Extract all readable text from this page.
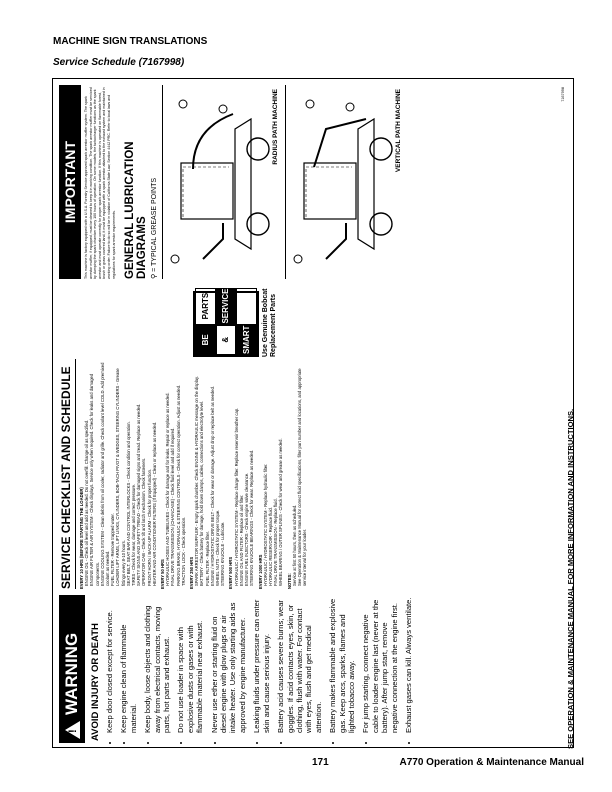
MACHINE SIGN TRANSLATIONS
Service Schedule (7167998)
!
WARNING AVOID INJURY OR DEATH • Keep door closed except for service. • Keep engine clean of flammable material. • Keep body, loose objects and clothing away from electrical contacts, moving parts, hot parts and exhaust. • Do not use loader in space with explosive dusts or gases or with flammable material near exhaust. • Never use ether or starting fluid on diesel engine with glow plugs or air intake heater. Use only starting aids as approved by engine manufacturer. • Leaking fluids under pressure can enter skin and cause serious injury. • Battery acid causes severe burns; wear goggles. If acid contacts eyes, skin, or clothing, flush with water. For contact with eyes, flush and get medical attention. • Battery makes flammable and explosive gas. Keep arcs, sparks, flames and lighted tobacco away. • For jump starting, connect negative cable to loader engine last (never at the battery). After jump start, remove negative connection at the engine first. • Exhaust gases can kill. Always ventilate.
SERVICE CHECKLIST AND SCHEDULE	EVERY 10 HRS (BEFORE STARTING THE LOADER) ENGINE OIL - Check oil level and add as needed. Do not overfill. Change oil as specified. ENGINE AIR FILTER & AIR SYSTEM - Check displays. Service only when required. Check for leaks and damaged components. ENGINE COOLING SYSTEM - Clean debris from oil cooler, radiator and grille. Check coolant level COLD. Add premixed coolant as needed. FUEL FILTER - Remove trapped water. LOADER LIFT ARMS, LIFT LINKS, CYLINDERS, BOB-TACH PIVOT & WEDGES, STEERING CYLINDERS - Grease fittings every 8-10 hours. SEAT BELT, SEAT BAR AND CONTROL INTERLOCKS - Check condition and operation. TIRES - Check for wear, damage and correct pressure. SAFETY SIGNS AND SAFETY TREAD - Check for damaged signs and tread. Replace as needed. OPERATOR CAB - Check tilt and latch mechanism. Check fasteners. FRONT HORN / BACK-UP ALARM - Check for proper function. HEATER AND AIR CONDITIONER FILTERS (If Equipped) - Clean or replace as needed. EVERY 50 HRS HYDRAULIC HOSES AND TUBELINES - Check for damage and for leaks. Repair or replace as needed. FINAL DRIVE TRANSMISSION (CHAINCASE) - Check fluid level and add if required. PARKING BRAKE, HYDRAULIC & STEERING CONTROLS - Check for correct operation. Adjust as needed. TRACTION LOCK - Check operation. EVERY 250 HRS SPARK ARRESTOR MUFFLER - Empty spark chamber. Check ENGINE & HYDRAULIC message on the display. BATTERY - Check battery for damage, hold down clamps, cables, connections and electrolyte level. FUEL FILTER - Replace filter. ENGINE / HYDROSTATIC DRIVE BELT - Check for wear or damage. Adjust drop or replace belt as needed. WHEEL NUTS - Check for proper torque. STEERING KNUCKLE - Lubricate. EVERY 500 HRS HYDRAULIC / HYDROSTATIC SYSTEM - Replace charge filter. Replace reservoir breather cap. ENGINE OIL AND FILTER - Replace oil and filter. ENGINE FUEL INJECTORS - Check engine valve clearance. STEERING KNUCKLE BEARINGS - Check for wear. Replace as needed. EVERY 1000 HRS HYDRAULIC / HYDROSTATIC SYSTEM - Replace hydraulic filter. HYDRAULIC RESERVOIR - Replace fluid. FINAL DRIVE TRANSMISSION - Replace fluid. WHEEL BEARING / OUTER SPLINES - Check for wear and grease as needed. NOTES: Service at first 50 hours, then as scheduled. See Operation & Maintenance Manual for correct fluid specifications, filter part number and locations, and appropriate service interval for your loader.
BE
PARTS
&
SERVICE
SMART	Use Genuine Bobcat Replacement Parts
SEE OPERATION & MAINTENANCE MANUAL FOR MORE INFORMATION AND INSTRUCTIONS.
IMPORTANT	This machine is factory equipped with a U.S.A. Forestry Service approved spark arrestor muffler system. The spark arrestor muffler, if equipped, must be cleaned to keep it in working condition. The spark arrestor muffler must be serviced by dumping the spark chamber every 100 hours of operation. On some models, the turbocharger functions as the spark arrestor and must operate correctly for proper spark arrestor function. If this machine is operated on flammable forest, brush or grass covered land, it must be equipped with a spark arrestor attached to the exhaust system and maintained in working order. Failure to do so will be in violation of California State Law, Section 4442 PRC. Refer to local laws and regulations for spark arrestor requirements. GENERAL LUBRICATION DIAGRAMS ⚲ = TYPICAL GREASE POINTS
RADIUS PATH MACHINE	VERTICAL PATH MACHINE	7167998
171	A770 Operation & Maintenance Manual
